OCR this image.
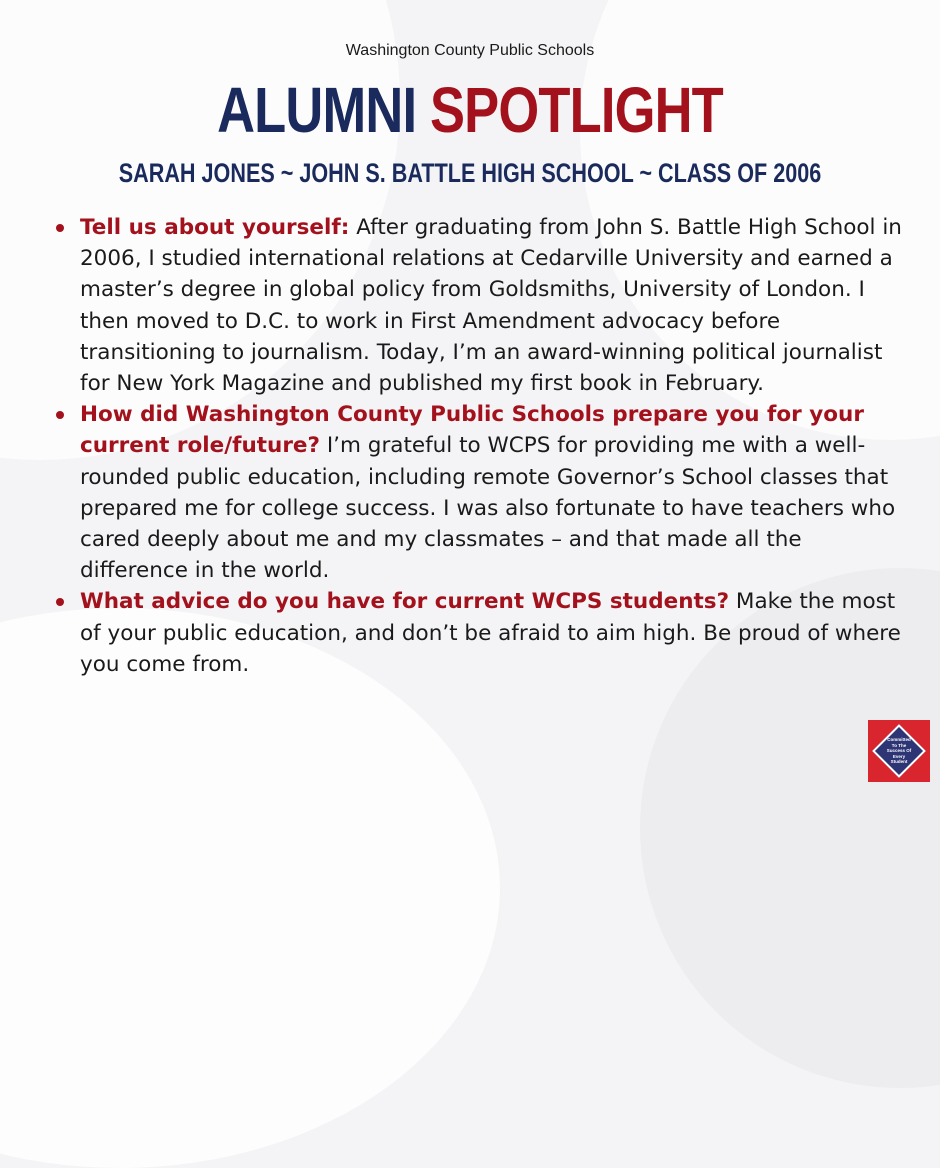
Washington County Public Schools
ALUMNI SPOTLIGHT
SARAH JONES ~ JOHN S. BATTLE HIGH SCHOOL ~ CLASS OF 2006
Tell us about yourself: After graduating from John S. Battle High School in 2006, I studied international relations at Cedarville University and earned a master’s degree in global policy from Goldsmiths, University of London. I then moved to D.C. to work in First Amendment advocacy before transitioning to journalism. Today, I’m an award-winning political journalist for New York Magazine and published my first book in February.
How did Washington County Public Schools prepare you for your current role/future? I’m grateful to WCPS for providing me with a well-rounded public education, including remote Governor’s School classes that prepared me for college success. I was also fortunate to have teachers who cared deeply about me and my classmates – and that made all the difference in the world.
What advice do you have for current WCPS students? Make the most of your public education, and don’t be afraid to aim high. Be proud of where you come from.
Committed
To The
Success Of
Every
Student
